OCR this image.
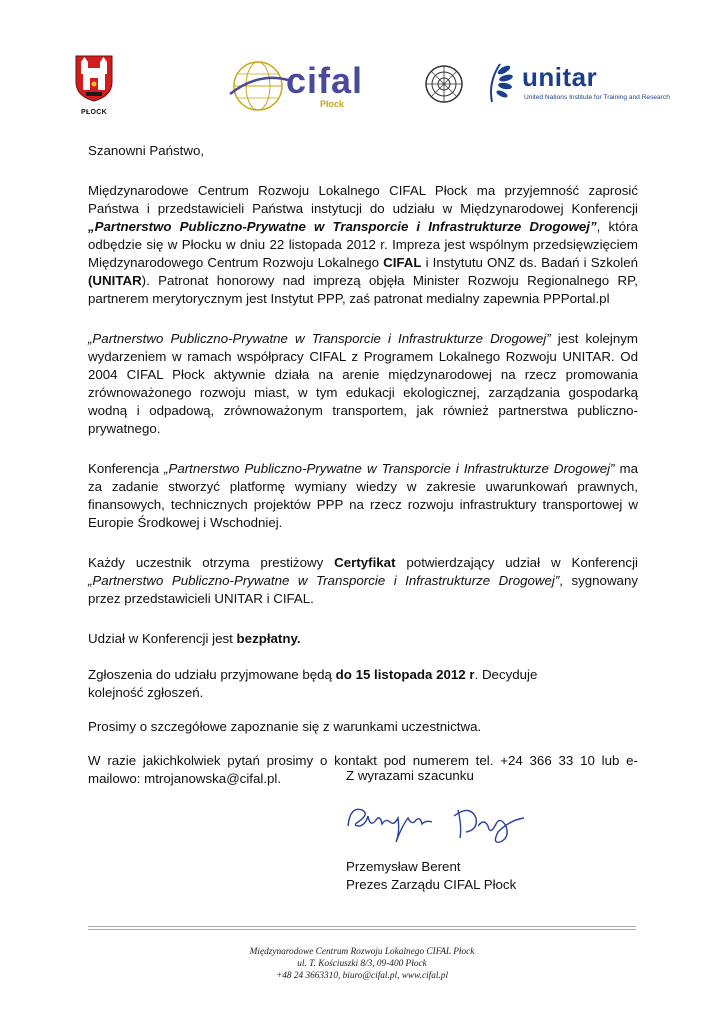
PŁOCK
cifal
Płock
unitar
United Nations Institute for Training and Research

Szanowni Państwo,

Międzynarodowe Centrum Rozwoju Lokalnego CIFAL Płock ma przyjemność zaprosić Państwa i przedstawicieli Państwa instytucji do udziału w Międzynarodowej Konferencji „Partnerstwo Publiczno-Prywatne w Transporcie i Infrastrukturze Drogowej”, która odbędzie się w Płocku w dniu 22 listopada 2012 r. Impreza jest wspólnym przedsięwzięciem Międzynarodowego Centrum Rozwoju Lokalnego CIFAL i Instytutu ONZ ds. Badań i Szkoleń (UNITAR). Patronat honorowy nad imprezą objęła Minister Rozwoju Regionalnego RP, partnerem merytorycznym jest Instytut PPP, zaś patronat medialny zapewnia PPPortal.pl

„Partnerstwo Publiczno-Prywatne w Transporcie i Infrastrukturze Drogowej” jest kolejnym wydarzeniem w ramach współpracy CIFAL z Programem Lokalnego Rozwoju UNITAR. Od 2004 CIFAL Płock aktywnie działa na arenie międzynarodowej na rzecz promowania zrównoważonego rozwoju miast, w tym edukacji ekologicznej, zarządzania gospodarką wodną i odpadową, zrównoważonym transportem, jak również partnerstwa publiczno-prywatnego.

Konferencja „Partnerstwo Publiczno-Prywatne w Transporcie i Infrastrukturze Drogowej” ma za zadanie stworzyć platformę wymiany wiedzy w zakresie uwarunkowań prawnych, finansowych, technicznych projektów PPP na rzecz rozwoju infrastruktury transportowej w Europie Środkowej i Wschodniej.

Każdy uczestnik otrzyma prestiżowy Certyfikat potwierdzający udział w Konferencji „Partnerstwo Publiczno-Prywatne w Transporcie i Infrastrukturze Drogowej”, sygnowany przez przedstawicieli UNITAR i CIFAL.

Udział w Konferencji jest bezpłatny.

Zgłoszenia do udziału przyjmowane będą do 15 listopada 2012 r. Decyduje kolejność zgłoszeń.

Prosimy o szczegółowe zapoznanie się z warunkami uczestnictwa.

W razie jakichkolwiek pytań prosimy o kontakt pod numerem tel. +24 366 33 10 lub e-mailowo: mtrojanowska@cifal.pl.	Z wyrazami szacunku
Przemysław Berent
Prezes Zarządu CIFAL Płock
Międzynarodowe Centrum Rozwoju Lokalnego CIFAL Płock
ul. T. Kościuszki 8/3, 09-400 Płock
+48 24 3663310, biuro@cifal.pl, www.cifal.pl
